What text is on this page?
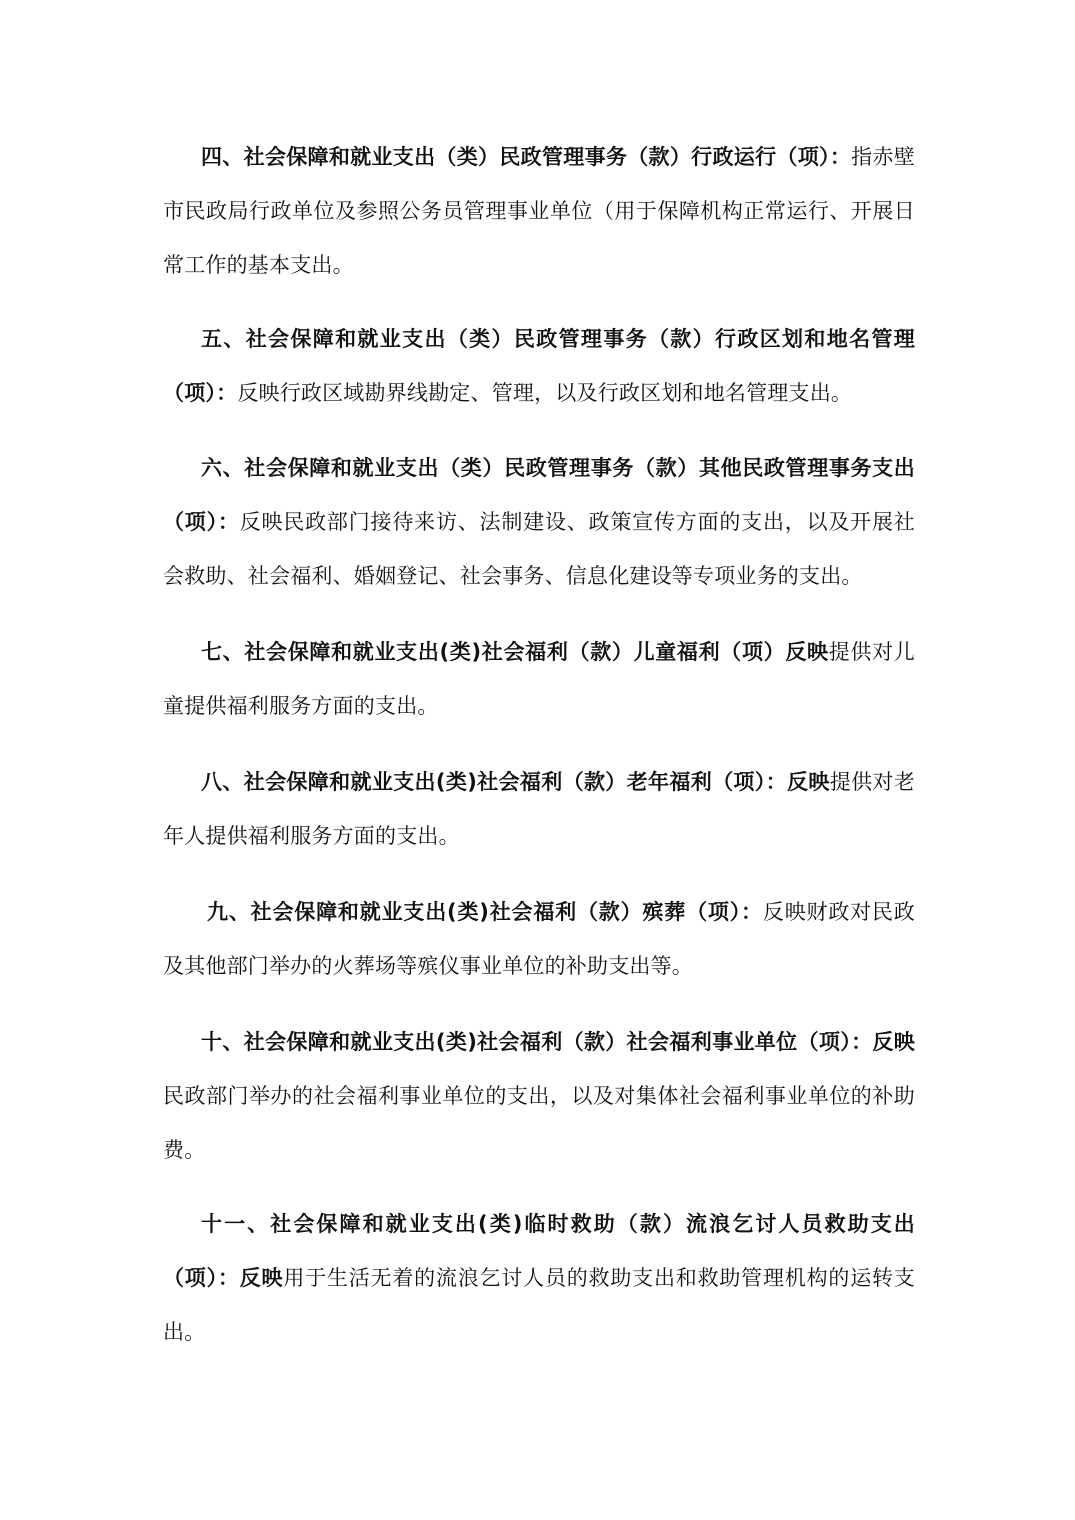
四、社会保障和就业支出（类）民政管理事务（款）行政运行（项）：指赤壁市民政局行政单位及参照公务员管理事业单位（用于保障机构正常运行、开展日常工作的基本支出。

五、社会保障和就业支出（类）民政管理事务（款）行政区划和地名管理（项）：反映行政区域勘界线勘定、管理，以及行政区划和地名管理支出。

六、社会保障和就业支出（类）民政管理事务（款）其他民政管理事务支出（项）：反映民政部门接待来访、法制建设、政策宣传方面的支出，以及开展社会救助、社会福利、婚姻登记、社会事务、信息化建设等专项业务的支出。

七、社会保障和就业支出(类)社会福利（款）儿童福利（项）反映提供对儿童提供福利服务方面的支出。

八、社会保障和就业支出(类)社会福利（款）老年福利（项）：反映提供对老年人提供福利服务方面的支出。

九、社会保障和就业支出(类)社会福利（款）殡葬（项）：反映财政对民政及其他部门举办的火葬场等殡仪事业单位的补助支出等。

十、社会保障和就业支出(类)社会福利（款）社会福利事业单位（项）：反映民政部门举办的社会福利事业单位的支出，以及对集体社会福利事业单位的补助费。

十一、社会保障和就业支出(类)临时救助（款）流浪乞讨人员救助支出（项）：反映用于生活无着的流浪乞讨人员的救助支出和救助管理机构的运转支出。
